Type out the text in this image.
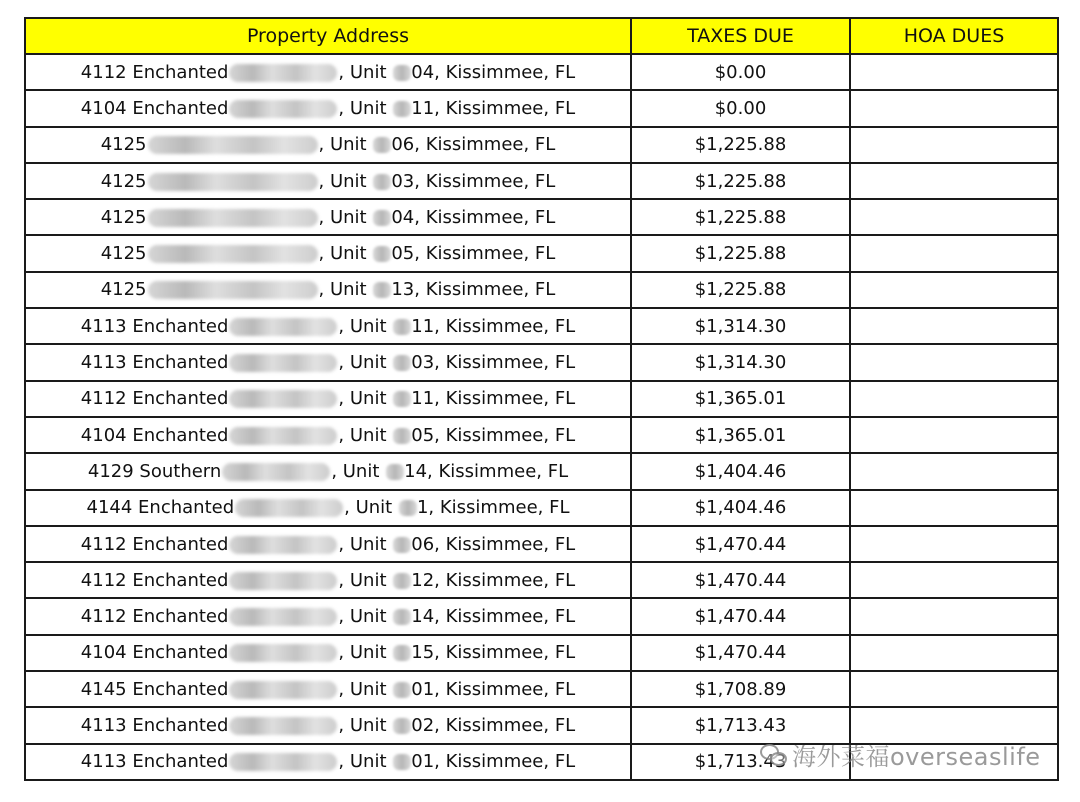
Property Address	TAXES DUE	HOA DUES
4112 Enchanted , Unit 04, Kissimmee, FL	$0.00	
4104 Enchanted , Unit 11, Kissimmee, FL	$0.00	
4125 , Unit 06, Kissimmee, FL	$1,225.88	
4125 , Unit 03, Kissimmee, FL	$1,225.88	
4125 , Unit 04, Kissimmee, FL	$1,225.88	
4125 , Unit 05, Kissimmee, FL	$1,225.88	
4125 , Unit 13, Kissimmee, FL	$1,225.88	
4113 Enchanted , Unit 11, Kissimmee, FL	$1,314.30	
4113 Enchanted , Unit 03, Kissimmee, FL	$1,314.30	
4112 Enchanted , Unit 11, Kissimmee, FL	$1,365.01	
4104 Enchanted , Unit 05, Kissimmee, FL	$1,365.01	
4129 Southern , Unit 14, Kissimmee, FL	$1,404.46	
4144 Enchanted , Unit 1, Kissimmee, FL	$1,404.46	
4112 Enchanted , Unit 06, Kissimmee, FL	$1,470.44	
4112 Enchanted , Unit 12, Kissimmee, FL	$1,470.44	
4112 Enchanted , Unit 14, Kissimmee, FL	$1,470.44	
4104 Enchanted , Unit 15, Kissimmee, FL	$1,470.44	
4145 Enchanted , Unit 01, Kissimmee, FL	$1,708.89	
4113 Enchanted , Unit 02, Kissimmee, FL	$1,713.43	
4113 Enchanted , Unit 01, Kissimmee, FL	$1,713.43	海外菜福overseaslife
